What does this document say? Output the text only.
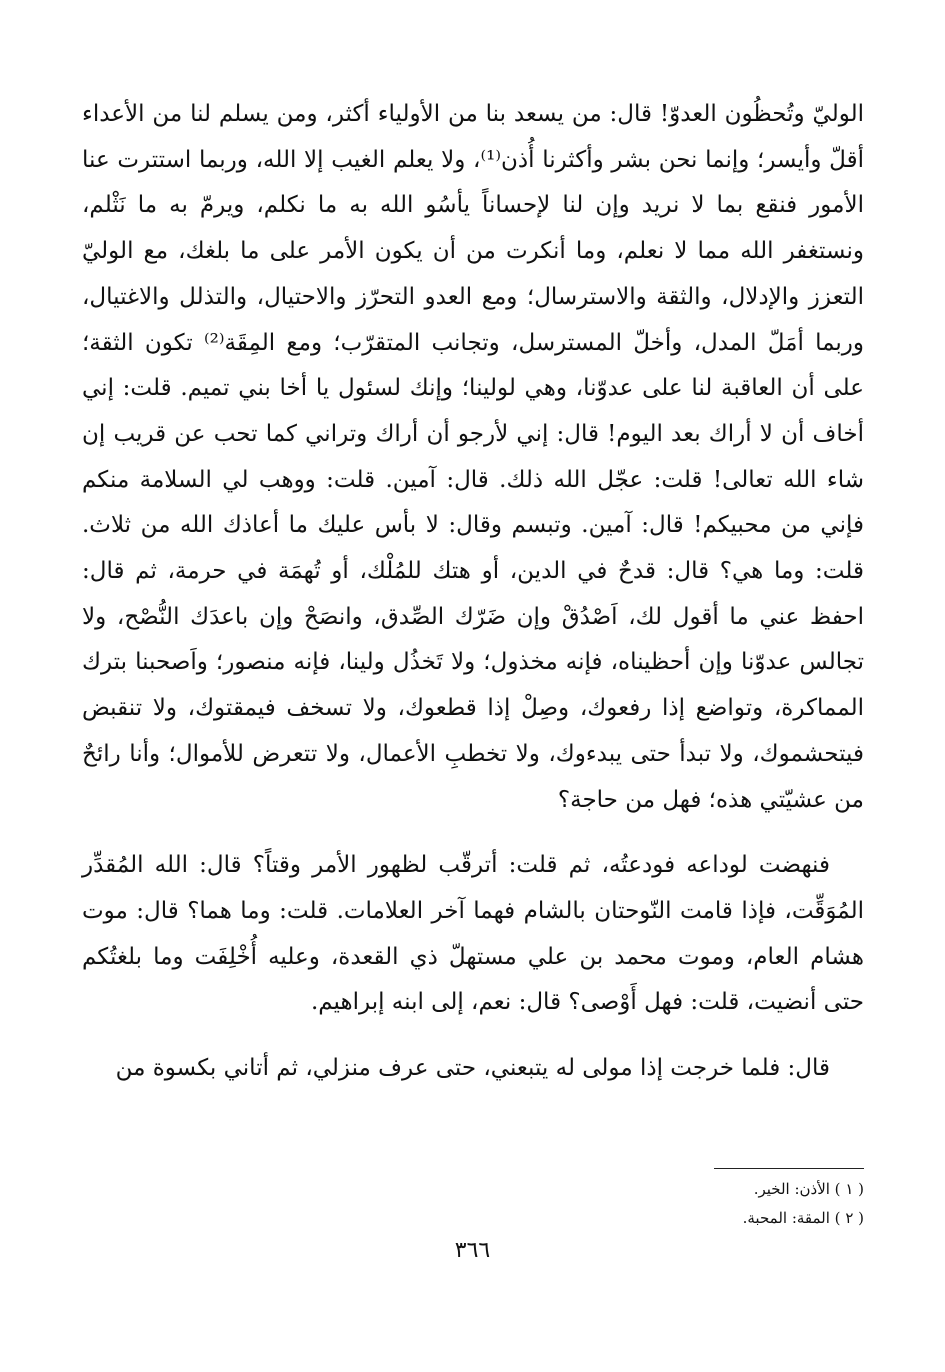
الوليّ وتُحظُون العدوّ! قال: من يسعد بنا من الأولياء أكثر، ومن يسلم لنا من الأعداء أقلّ وأيسر؛ وإنما نحن بشر وأكثرنا أُذن⁽¹⁾، ولا يعلم الغيب إلا الله، وربما استترت عنا الأمور فنقع بما لا نريد وإن لنا لإحساناً يأسُو الله به ما نكلم، ويرمّ به ما نَثْلم، ونستغفر الله مما لا نعلم، وما أنكرت من أن يكون الأمر على ما بلغك، مع الوليّ التعزز والإدلال، والثقة والاسترسال؛ ومع العدو التحرّز والاحتيال، والتذلل والاغتيال، وربما أمَلّ المدل، وأخلّ المسترسل، وتجانب المتقرّب؛ ومع المِقَة⁽²⁾ تكون الثقة؛ على أن العاقبة لنا على عدوّنا، وهي لولينا؛ وإنك لسئول يا أخا بني تميم. قلت: إني أخاف أن لا أراك بعد اليوم! قال: إني لأرجو أن أراك وتراني كما تحب عن قريب إن شاء الله تعالى! قلت: عجّل الله ذلك. قال: آمين. قلت: ووهب لي السلامة منكم فإني من محبيكم! قال: آمين. وتبسم وقال: لا بأس عليك ما أعاذك الله من ثلاث. قلت: وما هي؟ قال: قدحٌ في الدين، أو هتك للمُلْك، أو تُهمَة في حرمة، ثم قال: احفظ عني ما أقول لك، اَصْدُقْ وإن ضَرّك الصِّدق، وانصَحْ وإن باعدَك النُّصْح، ولا تجالس عدوّنا وإن أحظيناه، فإنه مخذول؛ ولا تَخذُل ولينا، فإنه منصور؛ واَصحبنا بترك المماكرة، وتواضع إذا رفعوك، وصِلْ إذا قطعوك، ولا تسخف فيمقتوك، ولا تنقبض فيتحشموك، ولا تبدأ حتى يبدءوك، ولا تخطبِ الأعمال، ولا تتعرض للأموال؛ وأنا رائحٌ من عشيّتي هذه؛ فهل من حاجة؟

فنهضت لوداعه فودعتُه، ثم قلت: أترقّب لظهور الأمر وقتاً؟ قال: الله المُقدِّر المُوَقِّت، فإذا قامت النّوحتان بالشام فهما آخر العلامات. قلت: وما هما؟ قال: موت هشام العام، وموت محمد بن علي مستهلّ ذي القعدة، وعليه أُخْلِفَت وما بلغتُكم حتى أنضيت، قلت: فهل أَوْصى؟ قال: نعم، إلى ابنه إبراهيم.

قال: فلما خرجت إذا مولى له يتبعني، حتى عرف منزلي، ثم أتاني بكسوة من

( ١ ) الأذن: الخير.

( ٢ ) المقة: المحبة.

٣٦٦
